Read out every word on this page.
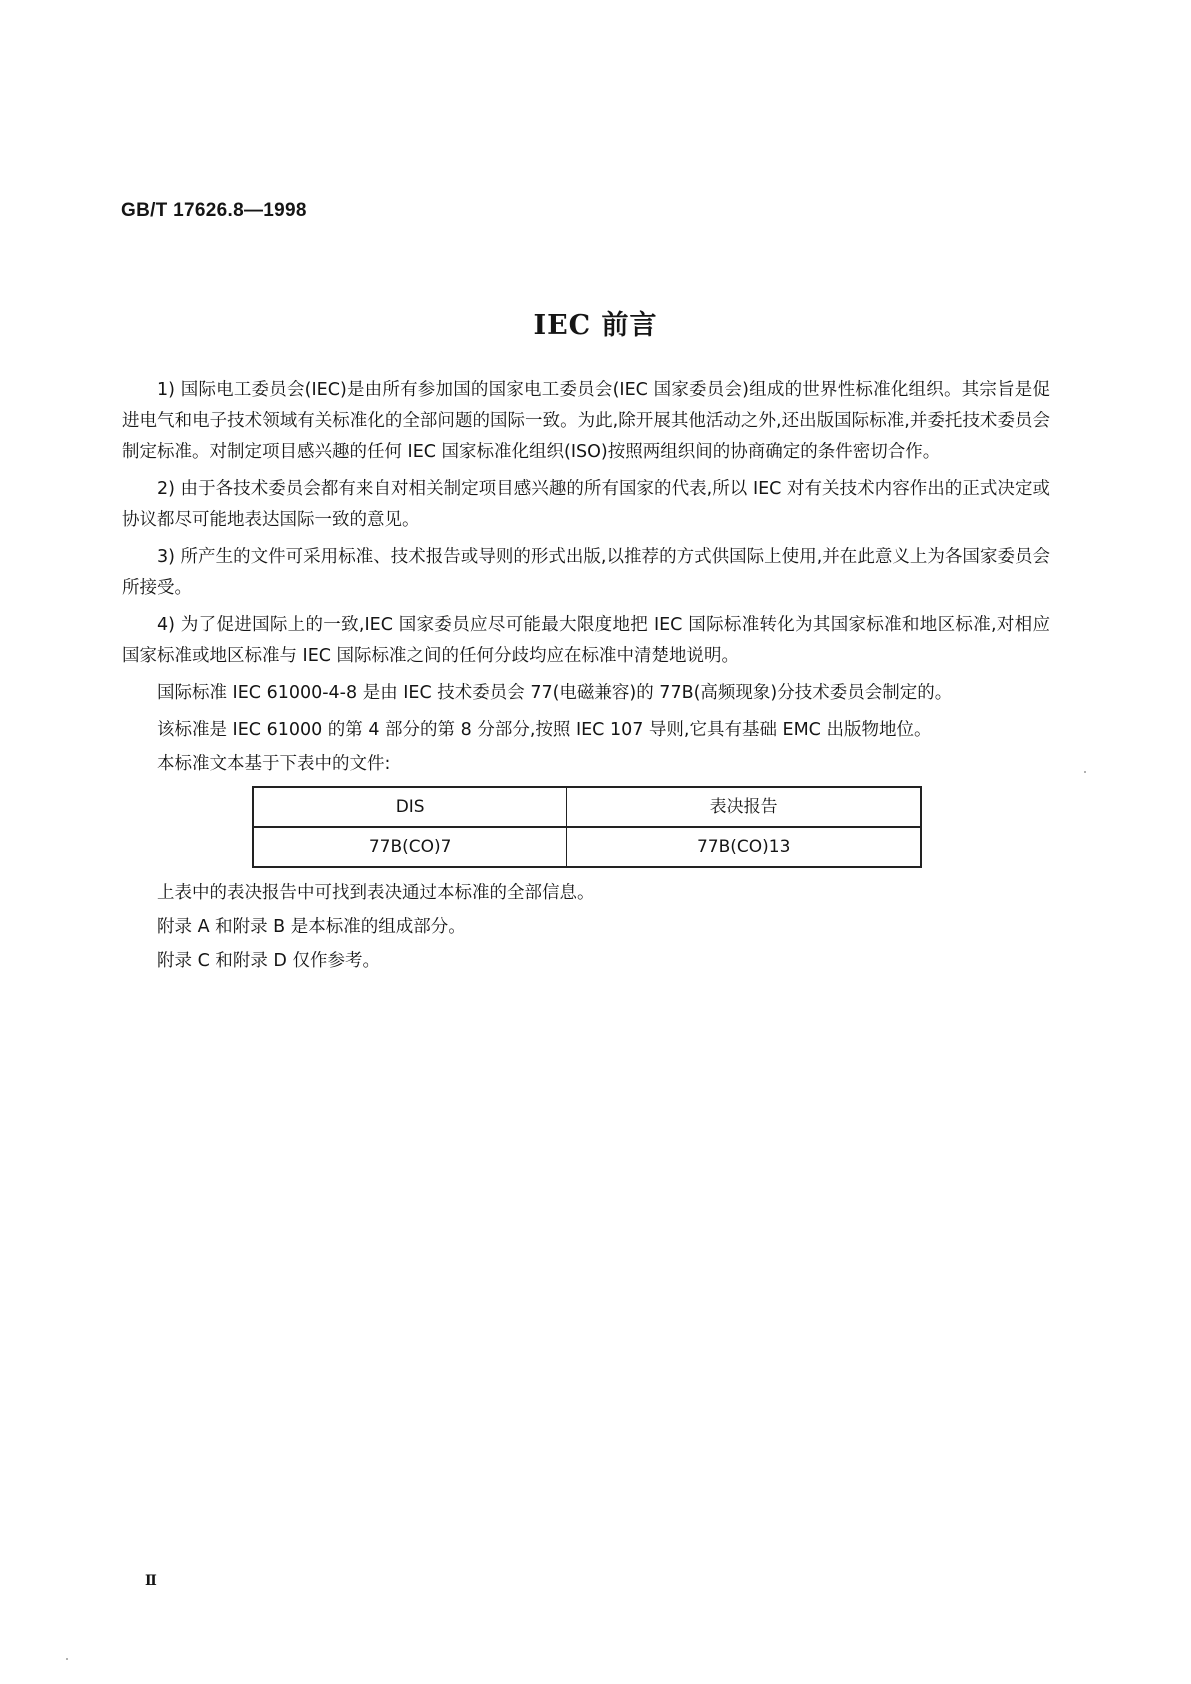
GB/T 17626.8—1998
IEC 前言

1) 国际电工委员会(IEC)是由所有参加国的国家电工委员会(IEC 国家委员会)组成的世界性标准化组织。其宗旨是促进电气和电子技术领域有关标准化的全部问题的国际一致。为此,除开展其他活动之外,还出版国际标准,并委托技术委员会制定标准。对制定项目感兴趣的任何 IEC 国家标准化组织(ISO)按照两组织间的协商确定的条件密切合作。

2) 由于各技术委员会都有来自对相关制定项目感兴趣的所有国家的代表,所以 IEC 对有关技术内容作出的正式决定或协议都尽可能地表达国际一致的意见。

3) 所产生的文件可采用标准、技术报告或导则的形式出版,以推荐的方式供国际上使用,并在此意义上为各国家委员会所接受。

4) 为了促进国际上的一致,IEC 国家委员应尽可能最大限度地把 IEC 国际标准转化为其国家标准和地区标准,对相应国家标准或地区标准与 IEC 国际标准之间的任何分歧均应在标准中清楚地说明。

国际标准 IEC 61000-4-8 是由 IEC 技术委员会 77(电磁兼容)的 77B(高频现象)分技术委员会制定的。

该标准是 IEC 61000 的第 4 部分的第 8 分部分,按照 IEC 107 导则,它具有基础 EMC 出版物地位。

本标准文本基于下表中的文件:

DIS	表决报告
77B(CO)7	77B(CO)13

上表中的表决报告中可找到表决通过本标准的全部信息。

附录 A 和附录 B 是本标准的组成部分。

附录 C 和附录 D 仅作参考。

Ⅱ
